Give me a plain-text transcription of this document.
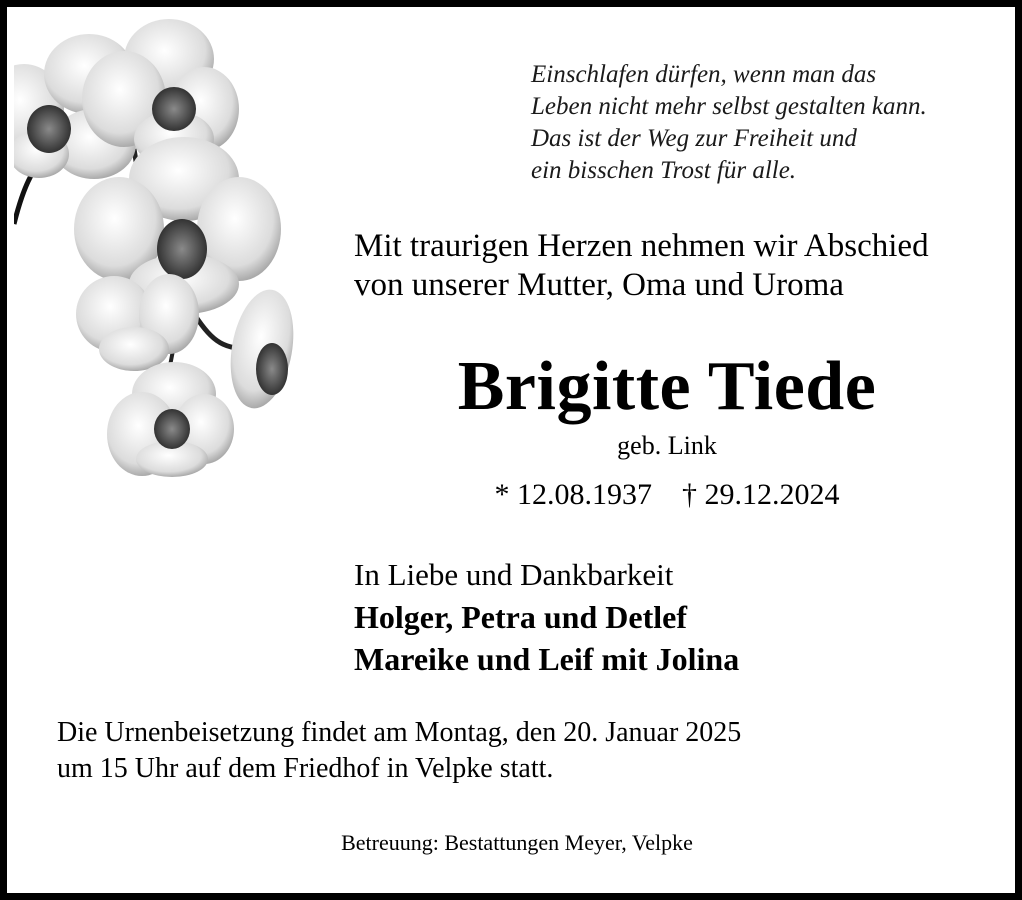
Einschlafen dürfen, wenn man das
Leben nicht mehr selbst gestalten kann.
Das ist der Weg zur Freiheit und
ein bisschen Trost für alle.
Mit traurigen Herzen nehmen wir Abschied
von unserer Mutter, Oma und Uroma
Brigitte Tiede
geb. Link
* 12.08.1937 † 29.12.2024
In Liebe und Dankbarkeit
Holger, Petra und Detlef
Mareike und Leif mit Jolina
Die Urnenbeisetzung findet am Montag, den 20. Januar 2025
um 15 Uhr auf dem Friedhof in Velpke statt.
Betreuung: Bestattungen Meyer, Velpke
